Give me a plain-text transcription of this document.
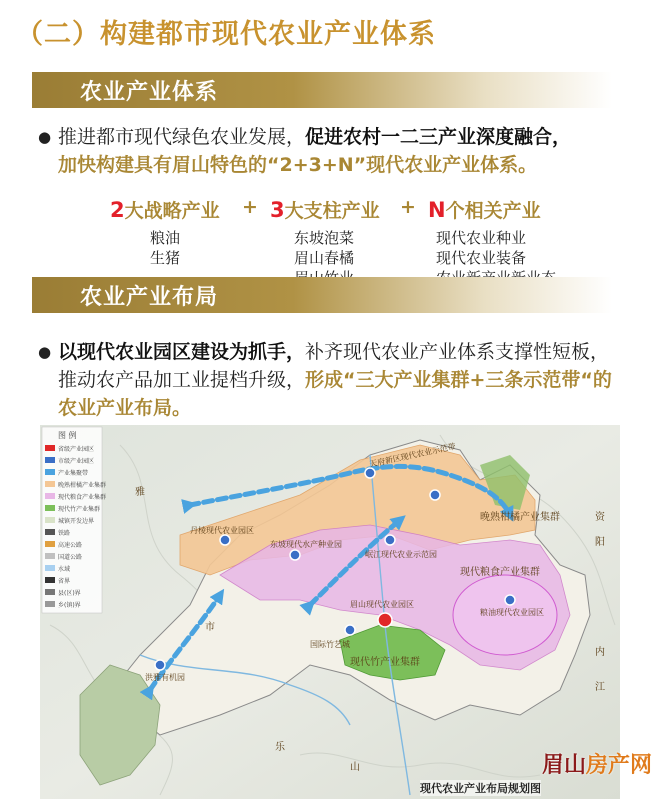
（二）构建都市现代农业产业体系
农业产业体系
● 推进都市现代绿色农业发展，促进农村一二三产业深度融合，
加快构建具有眉山特色的“2+3+N”现代农业产业体系。
2大战略产业 + 3大支柱产业 + N个相关产业
粮油
生猪
东坡泡菜
眉山春橘
现代农业种业
现代农业装备
农业产业布局
● 以现代农业园区建设为抓手，补齐现代农业产业体系支撑性短板，推动农产品加工业提档升级，形成“三大产业集群+三条示范带“的农业产业布局。
晚熟柑橘产业集群
现代粮食产业集群
现代竹产业集群
丹棱现代农业园区
东坡现代水产种业园
岷江现代农业示范园
粮油现代农业园区
眉山现代农业园区
国际竹艺城
洪雅有机园
天府新区现代农业示范带
雅
市
乐
山
内
江
阳
资
图 例
省级产业园区
市级产业园区
产业集聚带
晚熟柑橘产业集群
现代粮食产业集群
现代竹产业集群
城镇开发边界
铁路
高速公路
国道公路
水域
省界
县(区)界
乡(镇)界
眉山房产网
现代农业产业布局规划图
